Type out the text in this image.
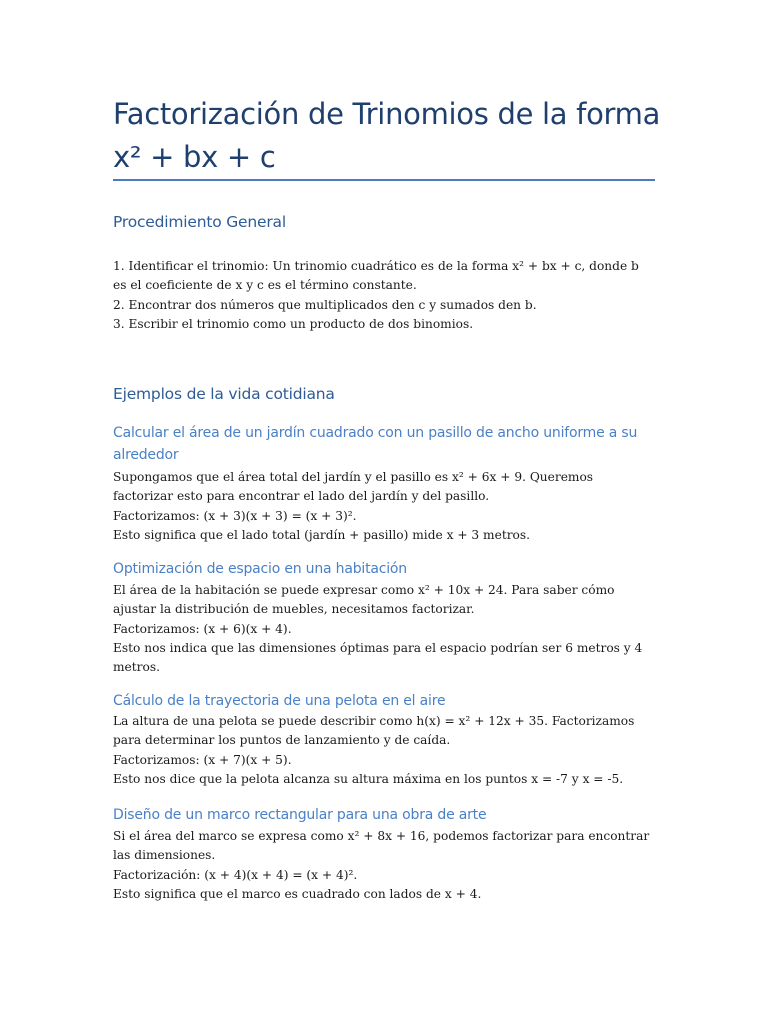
Factorización de Trinomios de la forma
x² + bx + c
Procedimiento General

1. Identificar el trinomio: Un trinomio cuadrático es de la forma x² + bx + c, donde b es el coeficiente de x y c es el término constante.

2. Encontrar dos números que multiplicados den c y sumados den b.

3. Escribir el trinomio como un producto de dos binomios.

Ejemplos de la vida cotidiana
Calcular el área de un jardín cuadrado con un pasillo de ancho uniforme a su alrededor

Supongamos que el área total del jardín y el pasillo es x² + 6x + 9. Queremos factorizar esto para encontrar el lado del jardín y del pasillo.

Factorizamos: (x + 3)(x + 3) = (x + 3)².

Esto significa que el lado total (jardín + pasillo) mide x + 3 metros.

Optimización de espacio en una habitación

El área de la habitación se puede expresar como x² + 10x + 24. Para saber cómo ajustar la distribución de muebles, necesitamos factorizar.

Factorizamos: (x + 6)(x + 4).

Esto nos indica que las dimensiones óptimas para el espacio podrían ser 6 metros y 4 metros.

Cálculo de la trayectoria de una pelota en el aire

La altura de una pelota se puede describir como h(x) = x² + 12x + 35. Factorizamos para determinar los puntos de lanzamiento y de caída.

Factorizamos: (x + 7)(x + 5).

Esto nos dice que la pelota alcanza su altura máxima en los puntos x = -7 y x = -5.

Diseño de un marco rectangular para una obra de arte

Si el área del marco se expresa como x² + 8x + 16, podemos factorizar para encontrar las dimensiones.

Factorización: (x + 4)(x + 4) = (x + 4)².

Esto significa que el marco es cuadrado con lados de x + 4.
